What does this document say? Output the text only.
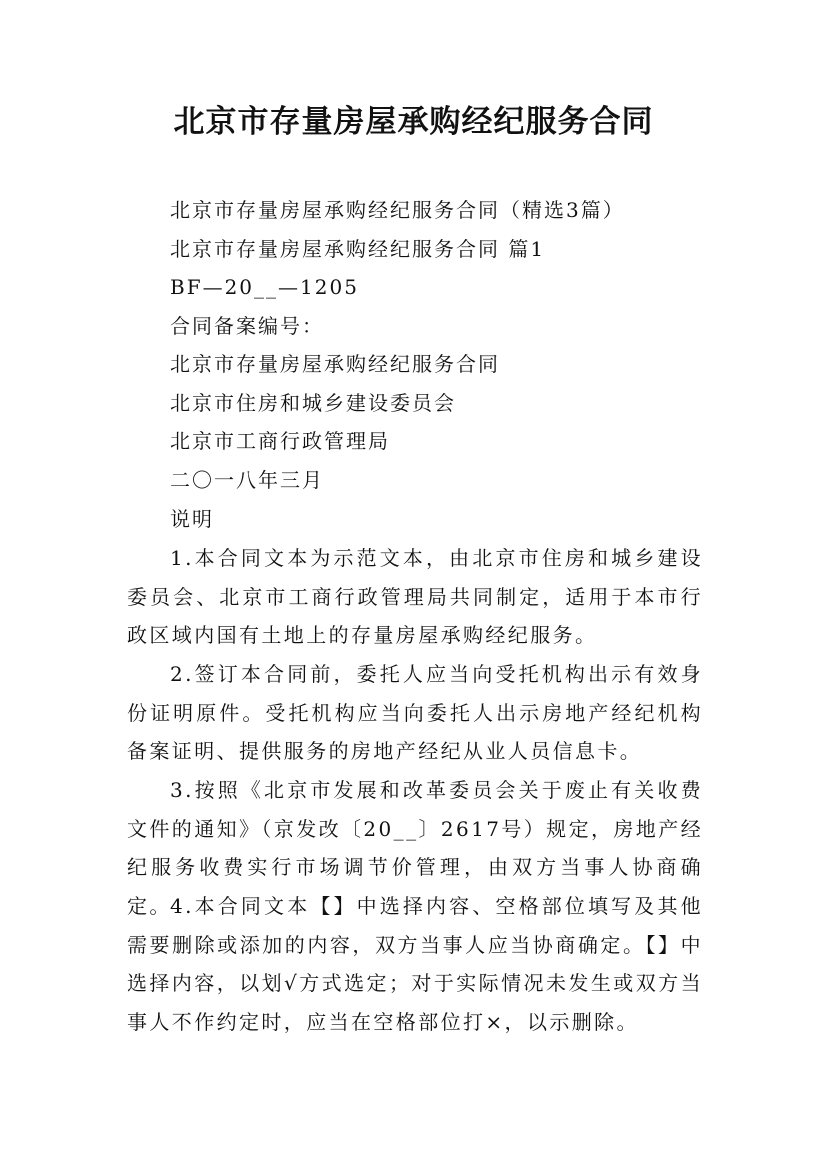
北京市存量房屋承购经纪服务合同
北京市存量房屋承购经纪服务合同（精选3篇）
北京市存量房屋承购经纪服务合同 篇1
BF—20__—1205
合同备案编号：
北京市存量房屋承购经纪服务合同
北京市住房和城乡建设委员会
北京市工商行政管理局
二〇一八年三月
说明

1.本合同文本为示范文本，由北京市住房和城乡建设委员会、北京市工商行政管理局共同制定，适用于本市行政区域内国有土地上的存量房屋承购经纪服务。

2.签订本合同前，委托人应当向受托机构出示有效身份证明原件。受托机构应当向委托人出示房地产经纪机构备案证明、提供服务的房地产经纪从业人员信息卡。

3.按照《北京市发展和改革委员会关于废止有关收费文件的通知》（京发改〔20__〕2617号）规定，房地产经纪服务收费实行市场调节价管理，由双方当事人协商确定。

4.本合同文本【】中选择内容、空格部位填写及其他需要删除或添加的内容，双方当事人应当协商确定。【】中选择内容，以划√方式选定；对于实际情况未发生或双方当事人不作约定时，应当在空格部位打×，以示删除。
